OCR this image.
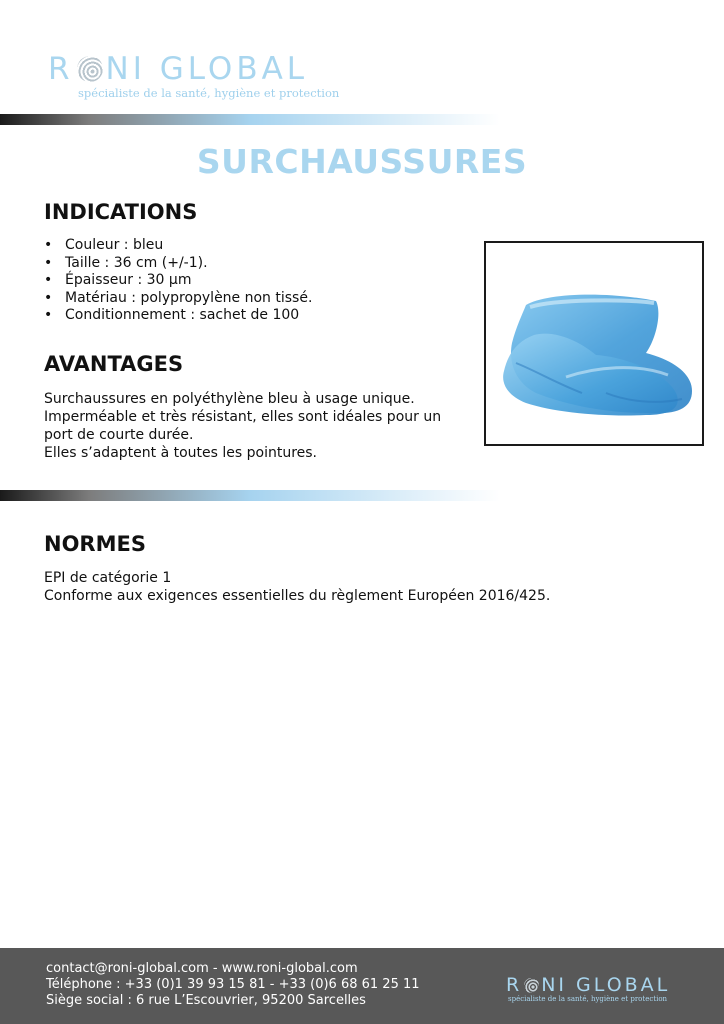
R NI GLOBAL
spécialiste de la santé, hygiène et protection
SURCHAUSSURES
INDICATIONS
• Couleur : bleu
• Taille : 36 cm (+/-1).
• Épaisseur : 30 µm
• Matériau : polypropylène non tissé.
• Conditionnement : sachet de 100
AVANTAGES

Surchaussures en polyéthylène bleu à usage unique.

Imperméable et très résistant, elles sont idéales pour un

port de courte durée.

Elles s’adaptent à toutes les pointures.

NORMES

EPI de catégorie 1

Conforme aux exigences essentielles du règlement Européen 2016/425.

contact@roni-global.com - www.roni-global.com
Téléphone : +33 (0)1 39 93 15 81 - +33 (0)6 68 61 25 11
Siège social : 6 rue L’Escouvrier, 95200 Sarcelles
R NI GLOBAL
spécialiste de la santé, hygiène et protection
